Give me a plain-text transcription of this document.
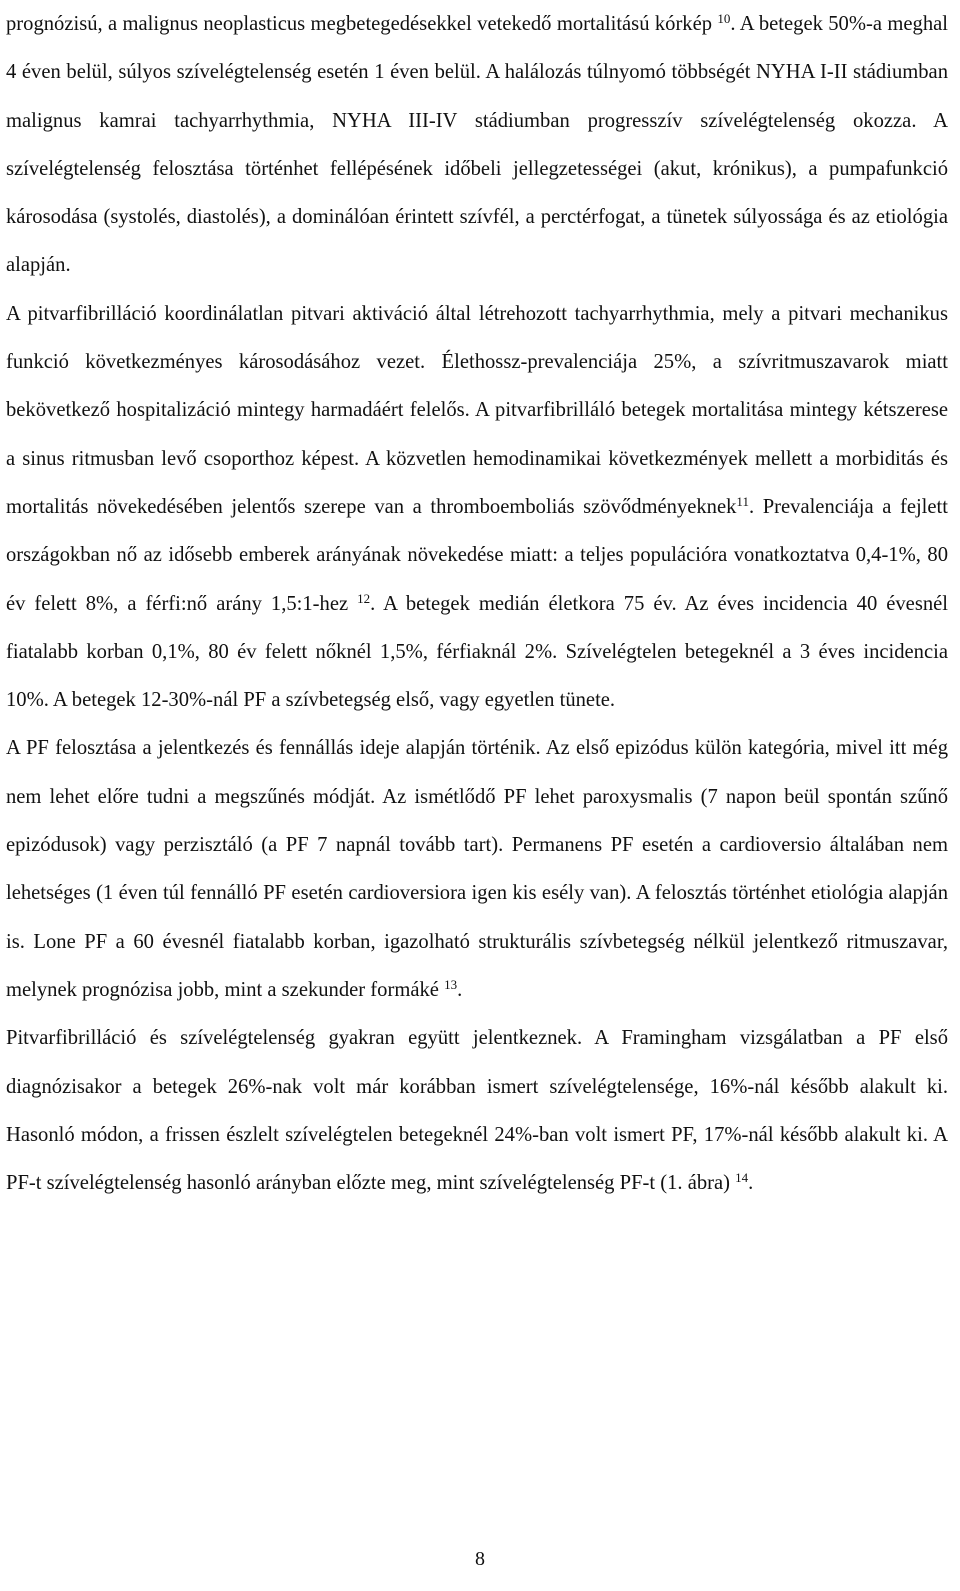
prognózisú, a malignus neoplasticus megbetegedésekkel vetekedő mortalitású kórkép $^{10}$. A betegek 50%-a meghal 4 éven belül, súlyos szívelégtelenség esetén 1 éven belül. A halálozás túlnyomó többségét NYHA I-II stádiumban malignus kamrai tachyarrhythmia, NYHA III-IV stádiumban progresszív szívelégtelenség okozza. A szívelégtelenség felosztása történhet fellépésének időbeli jellegzetességei (akut, krónikus), a pumpafunkció károsodása (systolés, diastolés), a dominálóan érintett szívfél, a perctérfogat, a tünetek súlyossága és az etiológia alapján.

A pitvarfibrilláció koordinálatlan pitvari aktiváció által létrehozott tachyarrhythmia, mely a pitvari mechanikus funkció következményes károsodásához vezet. Élethossz-prevalenciája 25%, a szívritmuszavarok miatt bekövetkező hospitalizáció mintegy harmadáért felelős. A pitvarfibrilláló betegek mortalitása mintegy kétszerese a sinus ritmusban levő csoporthoz képest. A közvetlen hemodinamikai következmények mellett a morbiditás és mortalitás növekedésében jelentős szerepe van a thromboemboliás szövődményeknek$^{11}$. Prevalenciája a fejlett országokban nő az idősebb emberek arányának növekedése miatt: a teljes populációra vonatkoztatva 0,4-1%, 80 év felett 8%, a férfi:nő arány 1,5:1-hez $^{12}$. A betegek medián életkora 75 év. Az éves incidencia 40 évesnél fiatalabb korban 0,1%, 80 év felett nőknél 1,5%, férfiaknál 2%. Szívelégtelen betegeknél a 3 éves incidencia 10%. A betegek 12-30%-nál PF a szívbetegség első, vagy egyetlen tünete.

A PF felosztása a jelentkezés és fennállás ideje alapján történik. Az első epizódus külön kategória, mivel itt még nem lehet előre tudni a megszűnés módját. Az ismétlődő PF lehet paroxysmalis (7 napon beül spontán szűnő epizódusok) vagy perzisztáló (a PF 7 napnál tovább tart). Permanens PF esetén a cardioversio általában nem lehetséges (1 éven túl fennálló PF esetén cardioversiora igen kis esély van). A felosztás történhet etiológia alapján is. Lone PF a 60 évesnél fiatalabb korban, igazolható strukturális szívbetegség nélkül jelentkező ritmuszavar, melynek prognózisa jobb, mint a szekunder formáké $^{13}$.

Pitvarfibrilláció és szívelégtelenség gyakran együtt jelentkeznek. A Framingham vizsgálatban a PF első diagnózisakor a betegek 26%-nak volt már korábban ismert szívelégtelensége, 16%-nál később alakult ki. Hasonló módon, a frissen észlelt szívelégtelen betegeknél 24%-ban volt ismert PF, 17%-nál később alakult ki. A PF-t szívelégtelenség hasonló arányban előzte meg, mint szívelégtelenség PF-t (1. ábra) $^{14}$.

8
